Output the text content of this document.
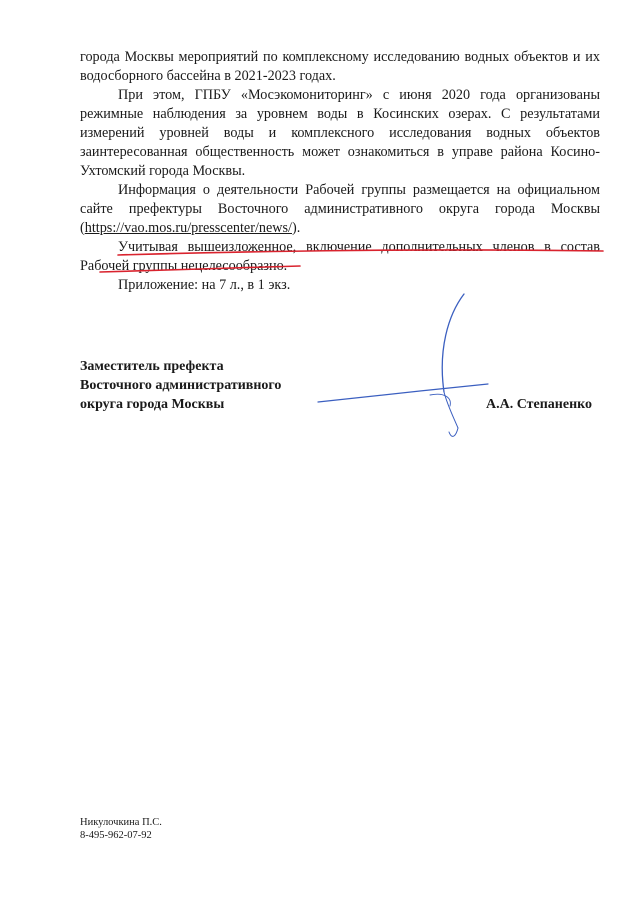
города Москвы мероприятий по комплексному исследованию водных объектов и их водосборного бассейна в 2021-2023 годах.

При этом, ГПБУ «Мосэкомониторинг» с июня 2020 года организованы режимные наблюдения за уровнем воды в Косинских озерах. С результатами измерений уровней воды и комплексного исследования водных объектов заинтересованная общественность может ознакомиться в управе района Косино-Ухтомский города Москвы.

Информация о деятельности Рабочей группы размещается на официальном сайте префектуры Восточного административного округа города Москвы (https://vao.mos.ru/presscenter/news/).

Учитывая вышеизложенное, включение дополнительных членов в состав Рабочей группы нецелесообразно.

Приложение: на 7 л., в 1 экз.

Заместитель префекта
Восточного административного
округа города Москвы	А.А. Степаненко
Никулочкина П.С.
8-495-962-07-92
